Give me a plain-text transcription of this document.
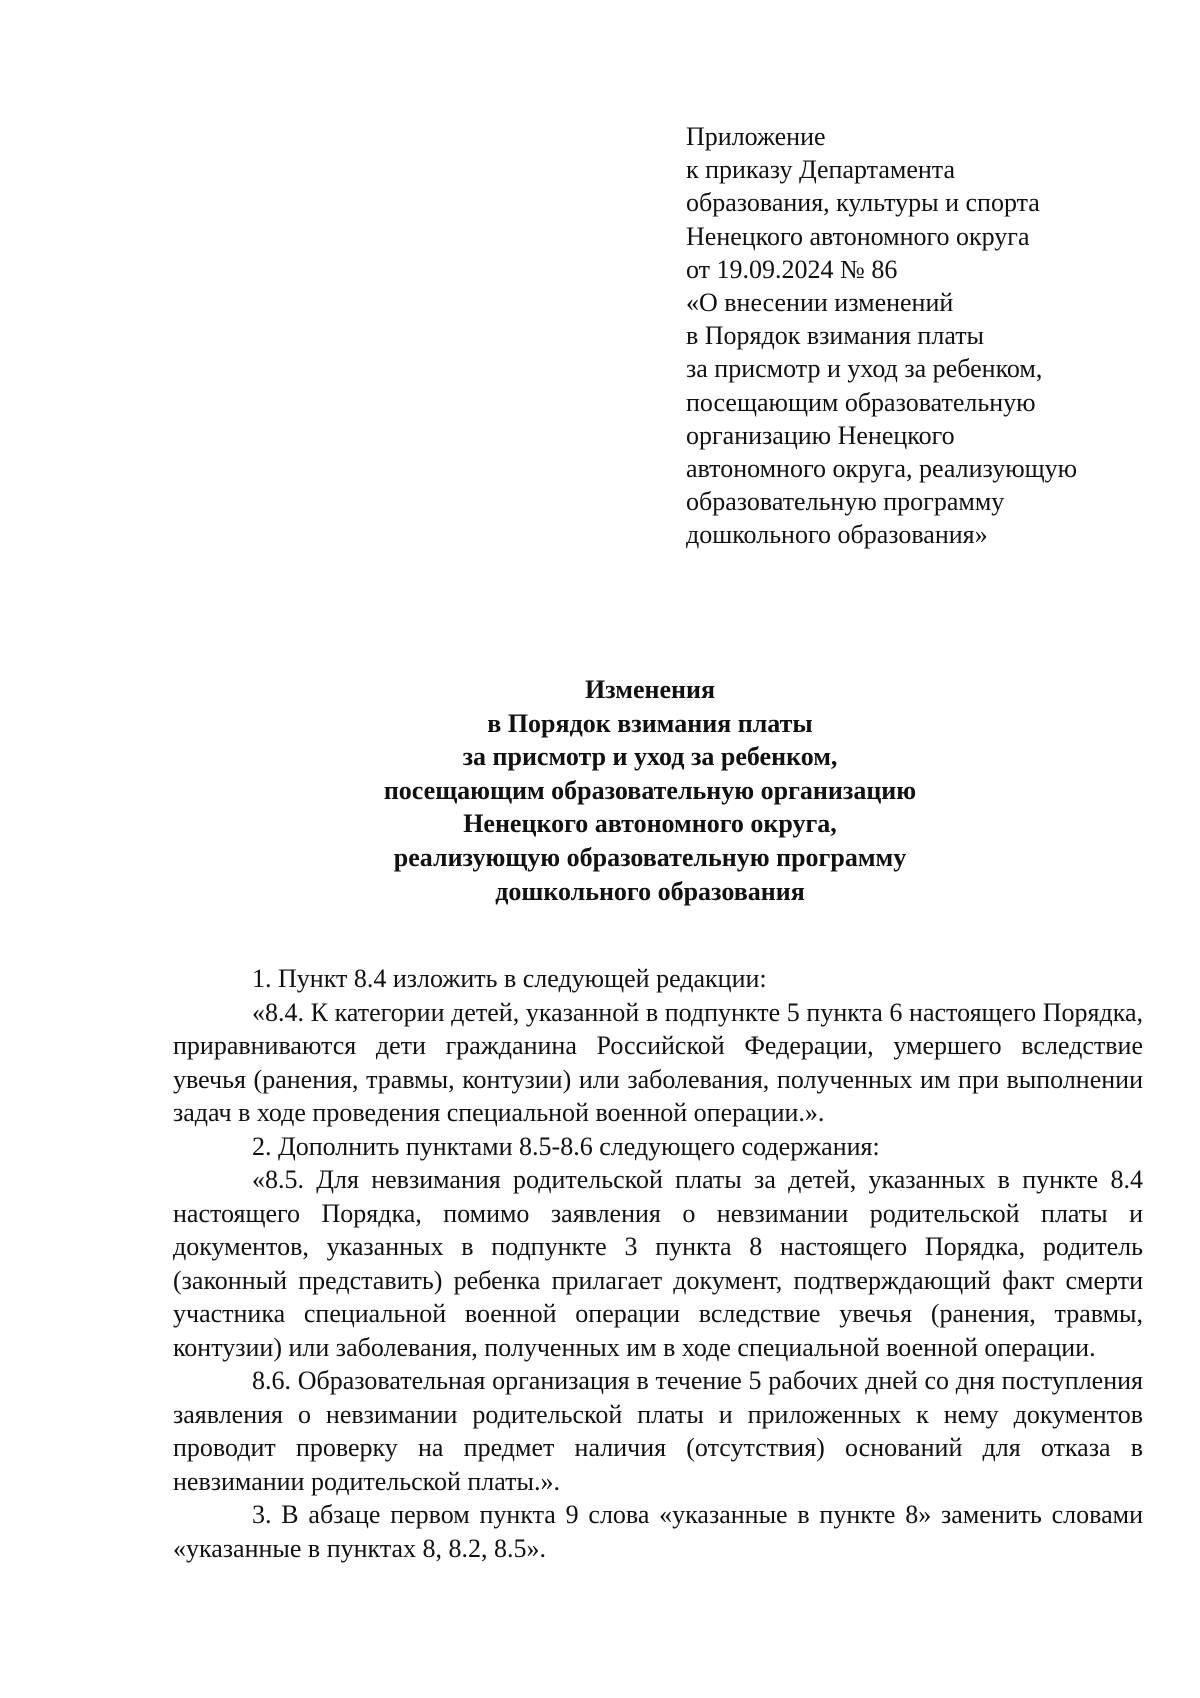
Приложение
к приказу Департамента
образования, культуры и спорта
Ненецкого автономного округа
от 19.09.2024 № 86
«О внесении изменений
в Порядок взимания платы
за присмотр и уход за ребенком,
посещающим образовательную
организацию Ненецкого
автономного округа, реализующую
образовательную программу
дошкольного образования»
Изменения
в Порядок взимания платы
за присмотр и уход за ребенком,
посещающим образовательную организацию
Ненецкого автономного округа,
реализующую образовательную программу
дошкольного образования

1. Пункт 8.4 изложить в следующей редакции:

«8.4. К категории детей, указанной в подпункте 5 пункта 6 настоящего Порядка, приравниваются дети гражданина Российской Федерации, умершего вследствие увечья (ранения, травмы, контузии) или заболевания, полученных им при выполнении задач в ходе проведения специальной военной операции.».

2. Дополнить пунктами 8.5-8.6 следующего содержания:

«8.5. Для невзимания родительской платы за детей, указанных в пункте 8.4 настоящего Порядка, помимо заявления о невзимании родительской платы и документов, указанных в подпункте 3 пункта 8 настоящего Порядка, родитель (законный представить) ребенка прилагает документ, подтверждающий факт смерти участника специальной военной операции вследствие увечья (ранения, травмы, контузии) или заболевания, полученных им в ходе специальной военной операции.

8.6. Образовательная организация в течение 5 рабочих дней со дня поступления заявления о невзимании родительской платы и приложенных к нему документов проводит проверку на предмет наличия (отсутствия) оснований для отказа в невзимании родительской платы.».

3. В абзаце первом пункта 9 слова «указанные в пункте 8» заменить словами «указанные в пунктах 8, 8.2, 8.5».
